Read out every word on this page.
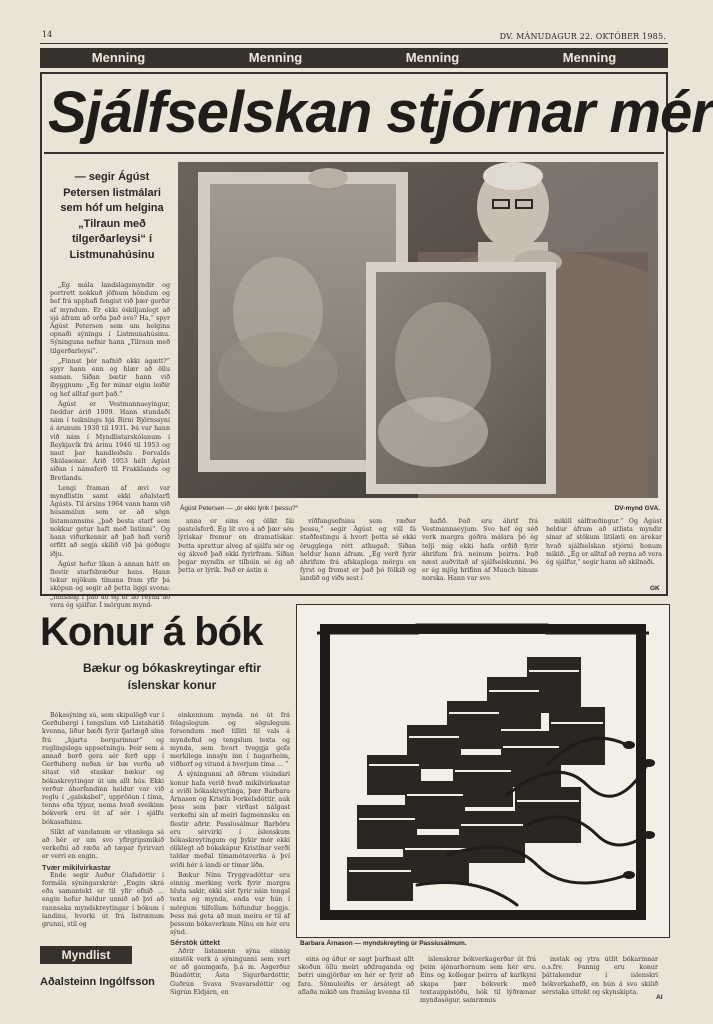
14	DV. MÁNUDAGUR 22. OKTÓBER 1985.
Menning	Menning	Menning	Menning
Sjálfselskan stjórnar mér
— segir Ágúst Petersen listmálari sem hóf um helgina „Tilraun með tilgerðarleysi“ í Listmunahúsinu

„Ég mála landslagsmyndir og portrett nokkuð jöfnum höndum og hef frá upphafi fengist við þær gerðir af myndum. Er ekki óskiljanlegt að sjá áfram að orða það svo? Ha,“ spyr Ágúst Petersen sem um helgina opnaði sýningu í Listmunahúsinu. Sýninguna nefnir hann „Tilraun með tilgerðarleysi“.

„Finnst þér nafnið ekki ágætt?“ spyr hann enn og hlær að öllu saman. Síðan bætir hann við íbyggnum: „Ég fer minar eigin leiðir og hef alltaf gert það.“

Ágúst er Vestmannaeyingur, fæddur árið 1909. Hann stundaði nám í teikningu hjá Birni Björnssyni á árunum 1930 til 1931. Þá var hann við nám í Myndlistarskólanum í Reykjavík frá árinu 1946 til 1953 og naut þar handleiðslu Þorvalds Skúlasonar. Árið 1953 hélt Ágúst síðan í námsferð til Frakklands og Bretlands.

Lengi framan af ævi var myndlistin samt ekki aðalstarfi Ágústs. Til ársins 1964 vann hann við húsamálun sem er að sögn listamannsins „það besta starf sem nokkur getur haft með listinni“. Og hann viðurkennir að það hafi verið erfitt að segja skilið við þá góðugu iðju.

Ágúst hefur líkan á annan hátt en flestir starfsbræður hans. Hann tekur mjökum tímana fram yfir þá sköpun og segir að þetta liggi svona: „Innsæig í það að ég er að reyna að vera ég sjálfur. Í mörgum mynd-

Ágúst Petersen — „ór ekki lýrik í þessu?“	DV-mynd GVA.

anna er eins og ólíkt fái pastelsferð. Ég lít svo á að þær séu lýrískar fremur en dramatískar. Þetta sprettur alveg af sjálfu sér og ég ákveð það ekki fyrirfram. Síðan þegar myndin er tilbúin sé ég að þetta er lýrik. Það er ástin á

víðfangsefninu sem ræður þessu,“ segir Ágúst og vill fá staðfestingu á hvort þetta sé ekki örugglega rétt athugað. Síðan heldur hann áfram. „Ég verð fyrir áhrifum frá afskaplega mörgu en fyrst og fremst er það þó fólkið og landið og viðs sest í

hafið. Það eru áhrif frá Vestmannaeyjum. Svo hef ég séð verk margra góðra málara þó ég telji mig ekki hafa orðið fyrir áhrifum frá neinum þeirra. Það næst auðvitað af sjálfselskunni. Þó er ég mjög hrifinn af Munch hinum norska. Hann var svo

mikill sálfræðingur.“ Og Ágúst heldur áfram að útlista myndir sínar af stökum litilæti en árekar hvað sjálfselskan stjórni honum mikið. „Ég er alltaf að reyna að vera ég sjálfur,“ segir hann að skilnaði.

GK
Konur á bók
Bækur og bókaskreytingar eftir íslenskar konur

Bókasýning sú, sem skipulögð var í Gerðubergi í tengslum við Listahátíð kvenna, liður bæði fyrir fjarlægð sína frá „hjarta borgarinnar“ og ruglingslega uppsetningu. Þeir sem á annað borð gera sér ferð upp í Gerðuberg neðan úr bæ verða að sitast við staskar bækur og bókaskreytingar út um allt hús. Ekki verður áhorfandinn heldur var við reglu í „galskabel“, upprööun í tíma, tenns eða týpur, nema hvað sveikinn bókverk eru út af sér í sjálfu bókasafninu.

Slíkt af vandanum er vitanlega sá að hér er um svo yfirgripsmikið verkefni að ræða að tæpar fyrirvari er verri en engin.

Tvær mikilvirkastar

Ende segir Auður Ólafsdóttir í formála sýningarskrár: „Engin skrá eða samantekt er til yfir efnið ... engin hefur heldur unnið að því að rannsaka myndskreytingar í bókum í landinu, hvorki út frá listrænum grunni, stíl og

einkennum mynda né út frá félagslegum og sögulegum forsendum með tilliti til vals á myndefnd og tengslum texta og mynda, sem hvort tveggja gefa merkilega innsýn inn í hugarheim, viðhorf og vitund á hverjum tíma ... “

Á sýningunni að öðrum vísindari konur hafa verið hvað mikilvirkastar á sviði bókaskreytinga, þær Barbara Árnason og Kristín Þorkelsdóttir, auk þess sem þær virðast nálgast verkefni sín af meiri fagmennsku en flestir aðrir. Passíusálmar Barböru eru sérvirki í íslenskum bókaskreytingum og þykir mér ekki ólíklegt að bókakápur Kristínar verði taldar meðal tímamótaverka á því sviði hér á landi er tímar líða.

Bækur Nínu Tryggvadóttur eru einnig merking verk fyrir margra hluta sakir, ekki síst fyrir náin tengsl texta og mynda, enda var hún í mörgum tilfellum höfundur beggja. Þess má geta að mun meira er til af þessum bókaverkum Nínu en hér eru sýnd.

Sérstök úttekt

Aðrir listamenn sýna einnig einstök verk á sýningunni sem vert er að gaumgæfa, þ.á m. Ásgerður Búadóttir, Ásta Sigurðardóttir, Guðrún Svava Svavarsdóttir og Sigrún Eldjárn, en

Barbara Árnason — myndskreyting úr Passíusálmum.

eins og áður er sagt þarfnast allt skoðun öllu meiri aðdraganda og betri umgjörðar en hér er fyrir að fara. Sömuleiðis er ársátegt að aflaða mikið um framlag kvenna til

íslenskrar bókverkagerðar út frá þeim sjónarhornum sem hér eru. Eins og kollegar þeirra af karlkyni skapa þær bókverk með textauppistöðu, bók til lýðrænar myndasögur, samræmis

instak og ytra útlit bókarinnar o.s.frv. Þannig eru konur þáttakendur í íslenskri bókverkahefð, en hún á svo skilið sérstaka úttekt og skynskipta.

AI
Myndlist
Aðalsteinn Ingólfsson
